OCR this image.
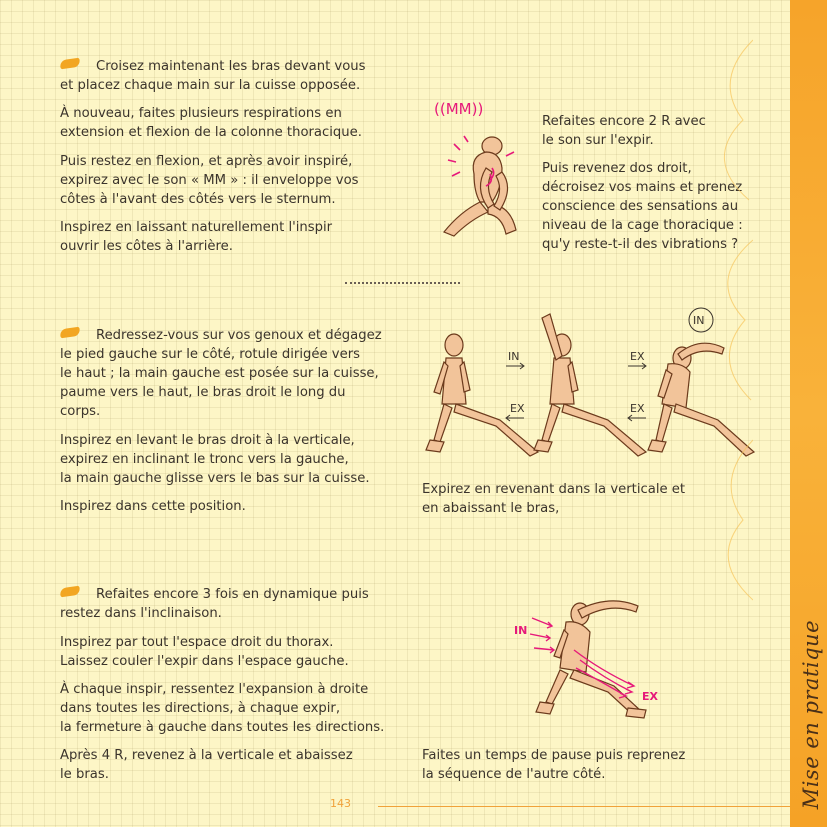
Croisez maintenant les bras devant vous
et placez chaque main sur la cuisse opposée.

À nouveau, faites plusieurs respirations en
extension et flexion de la colonne thoracique.

Puis restez en flexion, et après avoir inspiré,
expirez avec le son « MM » : il enveloppe vos
côtes à l'avant des côtés vers le sternum.

Inspirez en laissant naturellement l'inspir
ouvrir les côtes à l'arrière.

Refaites encore 2 R avec
le son sur l'expir.

Puis revenez dos droit,
décroisez vos mains et prenez
conscience des sensations au
niveau de la cage thoracique :
qu'y reste-t-il des vibrations ?

((MM))

Redressez-vous sur vos genoux et dégagez
le pied gauche sur le côté, rotule dirigée vers
le haut ; la main gauche est posée sur la cuisse,
paume vers le haut, le bras droit le long du
corps.

Inspirez en levant le bras droit à la verticale,
expirez en inclinant le tronc vers la gauche,
la main gauche glisse vers le bas sur la cuisse.

Inspirez dans cette position.

Expirez en revenant dans la verticale et
en abaissant le bras,

IN
EX
EX
EX
IN

Refaites encore 3 fois en dynamique puis
restez dans l'inclinaison.

Inspirez par tout l'espace droit du thorax.
Laissez couler l'expir dans l'espace gauche.

À chaque inspir, ressentez l'expansion à droite
dans toutes les directions, à chaque expir,
la fermeture à gauche dans toutes les directions.

Après 4 R, revenez à la verticale et abaissez
le bras.

Faites un temps de pause puis reprenez
la séquence de l'autre côté.

IN
EX
143	Mise en pratique
